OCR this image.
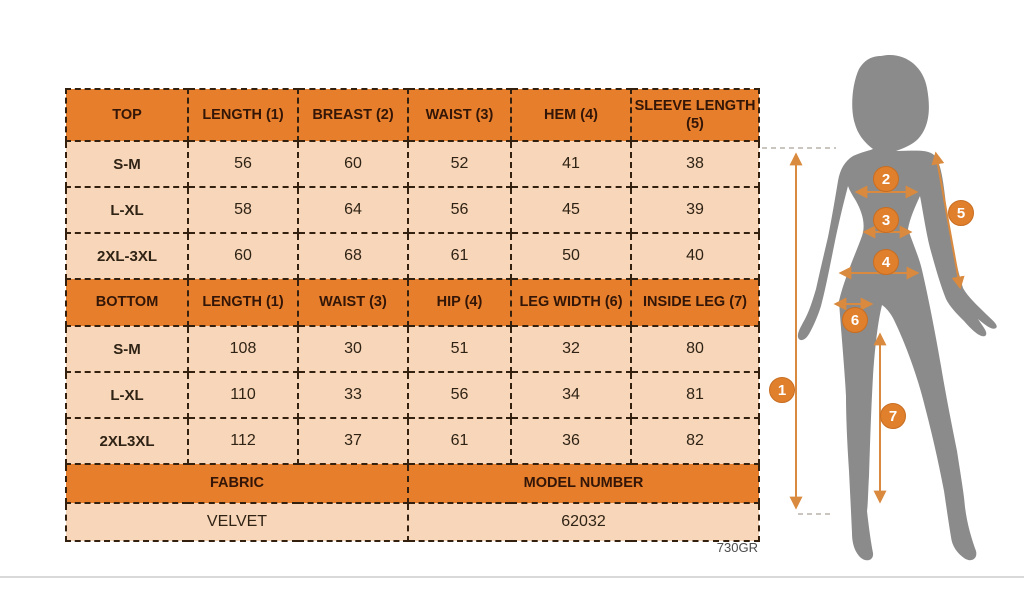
TOP	LENGTH (1)	BREAST (2)	WAIST (3)	HEM (4)	SLEEVE LENGTH (5)
S-M	56	60	52	41	38
L-XL	58	64	56	45	39
2XL-3XL	60	68	61	50	40
BOTTOM	LENGTH (1)	WAIST (3)	HIP (4)	LEG WIDTH (6)	INSIDE LEG (7)
S-M	108	30	51	32	80
L-XL	110	33	56	34	81
2XL3XL	112	37	61	36	82
FABRIC			MODEL NUMBER		
VELVET			62032		
730GR
1
2
3
4
5
6
7
